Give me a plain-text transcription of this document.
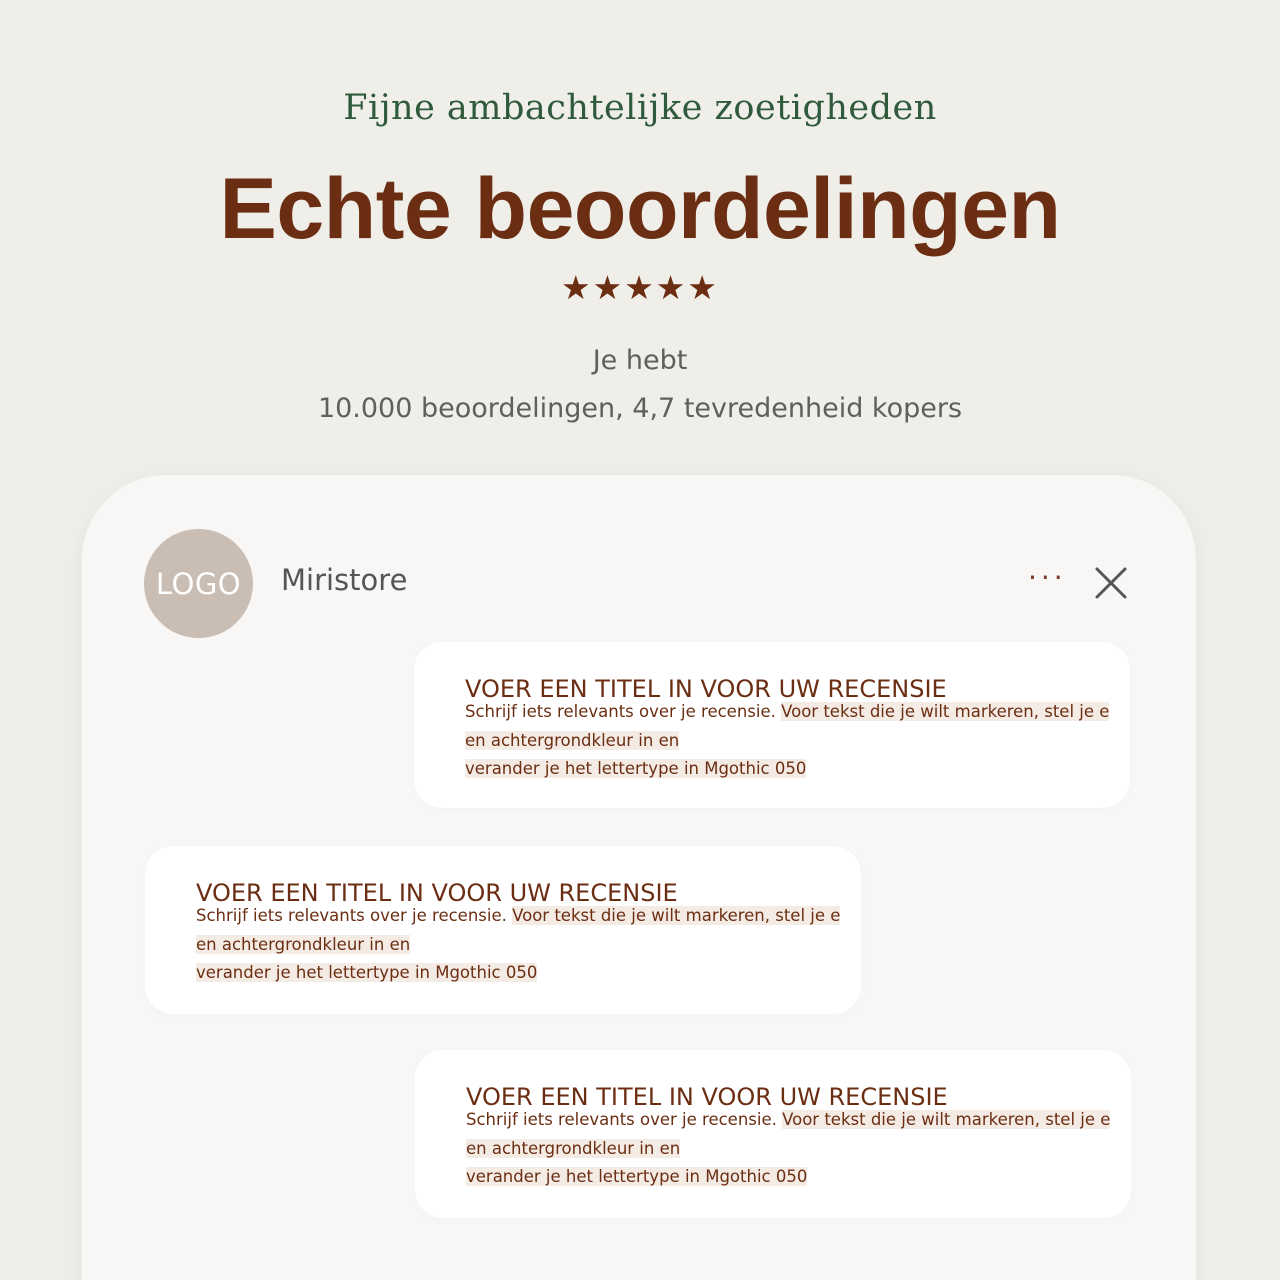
Fijne ambachtelijke zoetigheden
Echte beoordelingen
★★★★★
Je hebt
10.000 beoordelingen, 4,7 tevredenheid kopers
LOGO	Miristore	···
VOER EEN TITEL IN VOOR UW RECENSIE
Schrijf iets relevants over je recensie. Voor tekst die je wilt markeren, stel je e
en achtergrondkleur in en
verander je het lettertype in Mgothic 050
VOER EEN TITEL IN VOOR UW RECENSIE
Schrijf iets relevants over je recensie. Voor tekst die je wilt markeren, stel je e
en achtergrondkleur in en
verander je het lettertype in Mgothic 050
VOER EEN TITEL IN VOOR UW RECENSIE
Schrijf iets relevants over je recensie. Voor tekst die je wilt markeren, stel je e
en achtergrondkleur in en
verander je het lettertype in Mgothic 050
